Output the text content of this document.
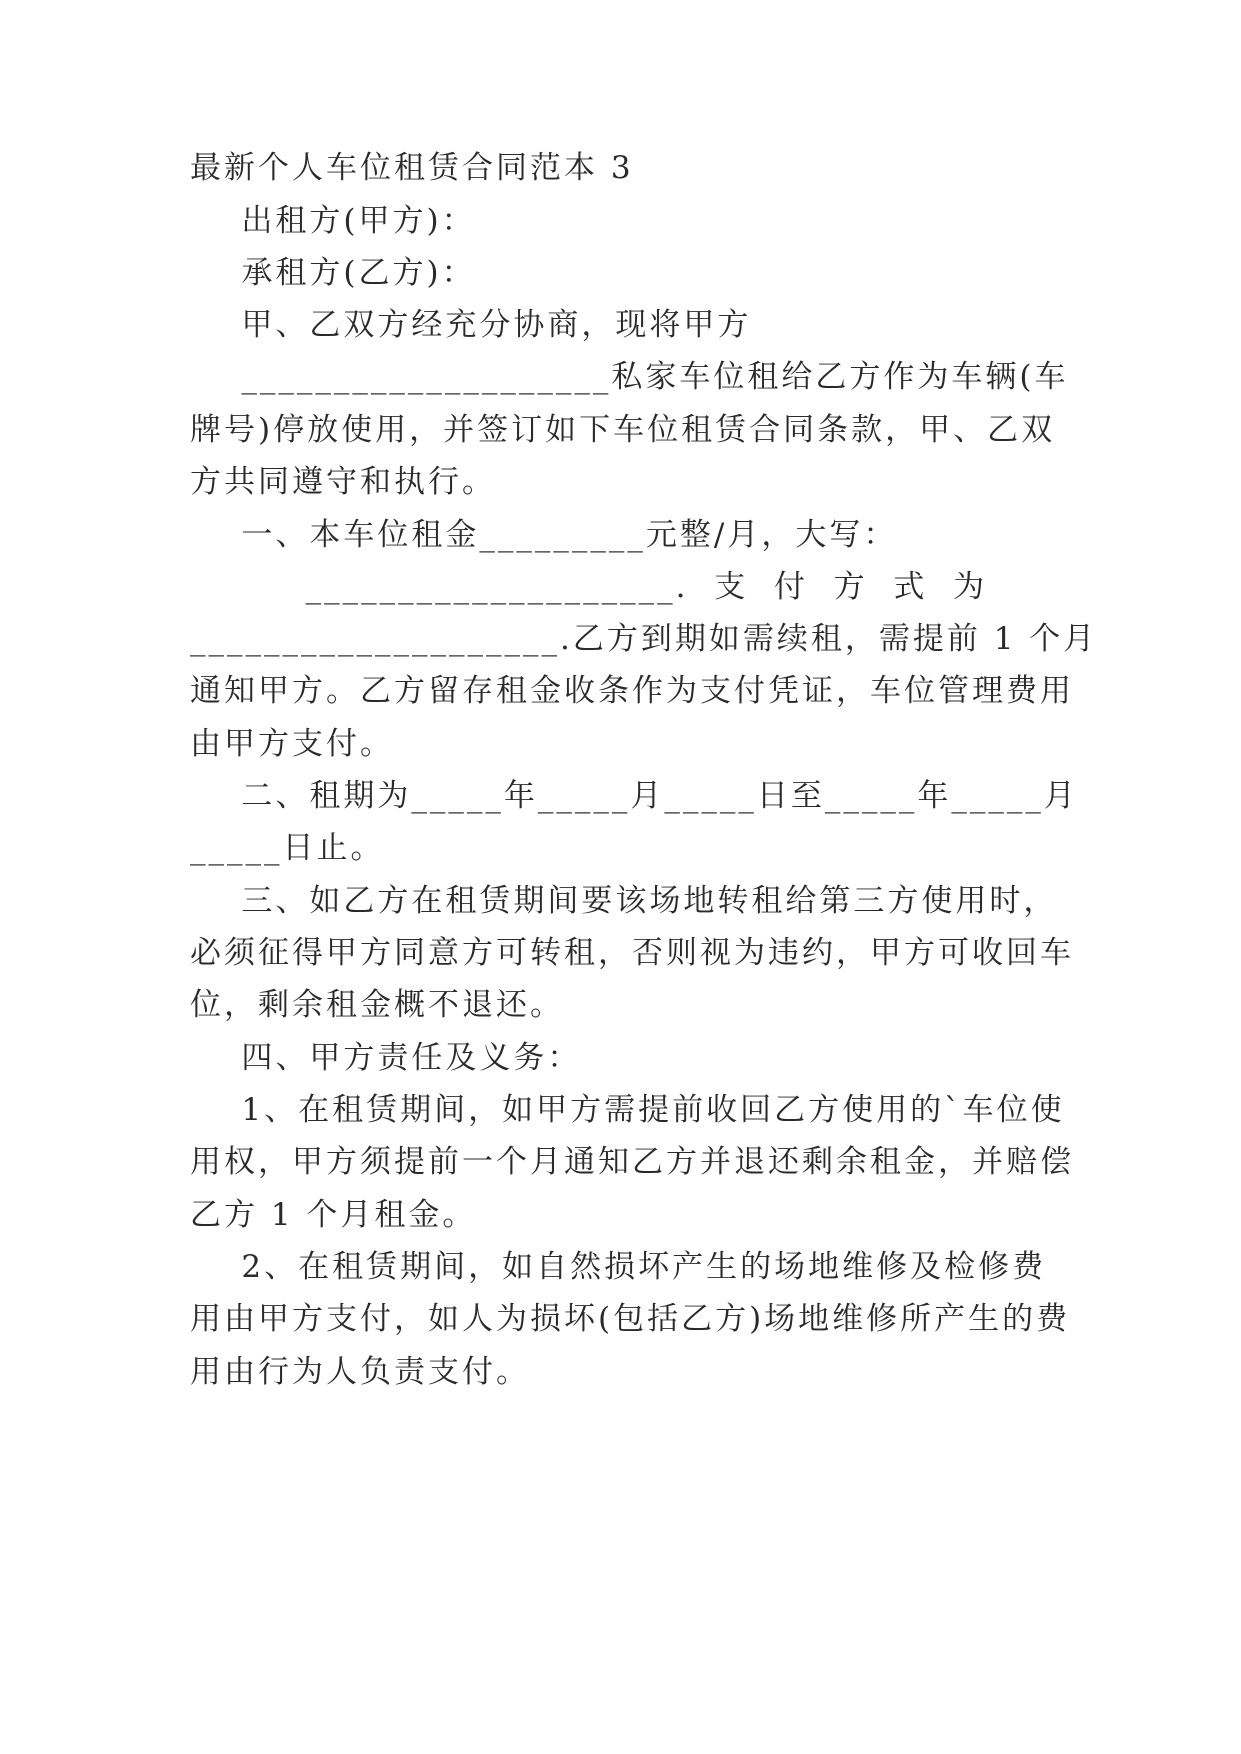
最新个人车位租赁合同范本 3
出租方(甲方)：
承租方(乙方)：
甲、乙双方经充分协商，现将甲方
____________________私家车位租给乙方作为车辆(车
牌号)停放使用，并签订如下车位租赁合同条款，甲、乙双
方共同遵守和执行。
一、本车位租金_________元整/月，大写：
____________________.  支  付  方  式  为
____________________.乙方到期如需续租，需提前 1 个月
通知甲方。乙方留存租金收条作为支付凭证，车位管理费用
由甲方支付。
二、租期为_____年_____月_____日至_____年_____月
_____日止。
三、如乙方在租赁期间要该场地转租给第三方使用时，
必须征得甲方同意方可转租，否则视为违约，甲方可收回车
位，剩余租金概不退还。
四、甲方责任及义务：
1、在租赁期间，如甲方需提前收回乙方使用的`车位使
用权，甲方须提前一个月通知乙方并退还剩余租金，并赔偿
乙方 1 个月租金。
2、在租赁期间，如自然损坏产生的场地维修及检修费
用由甲方支付，如人为损坏(包括乙方)场地维修所产生的费
用由行为人负责支付。
